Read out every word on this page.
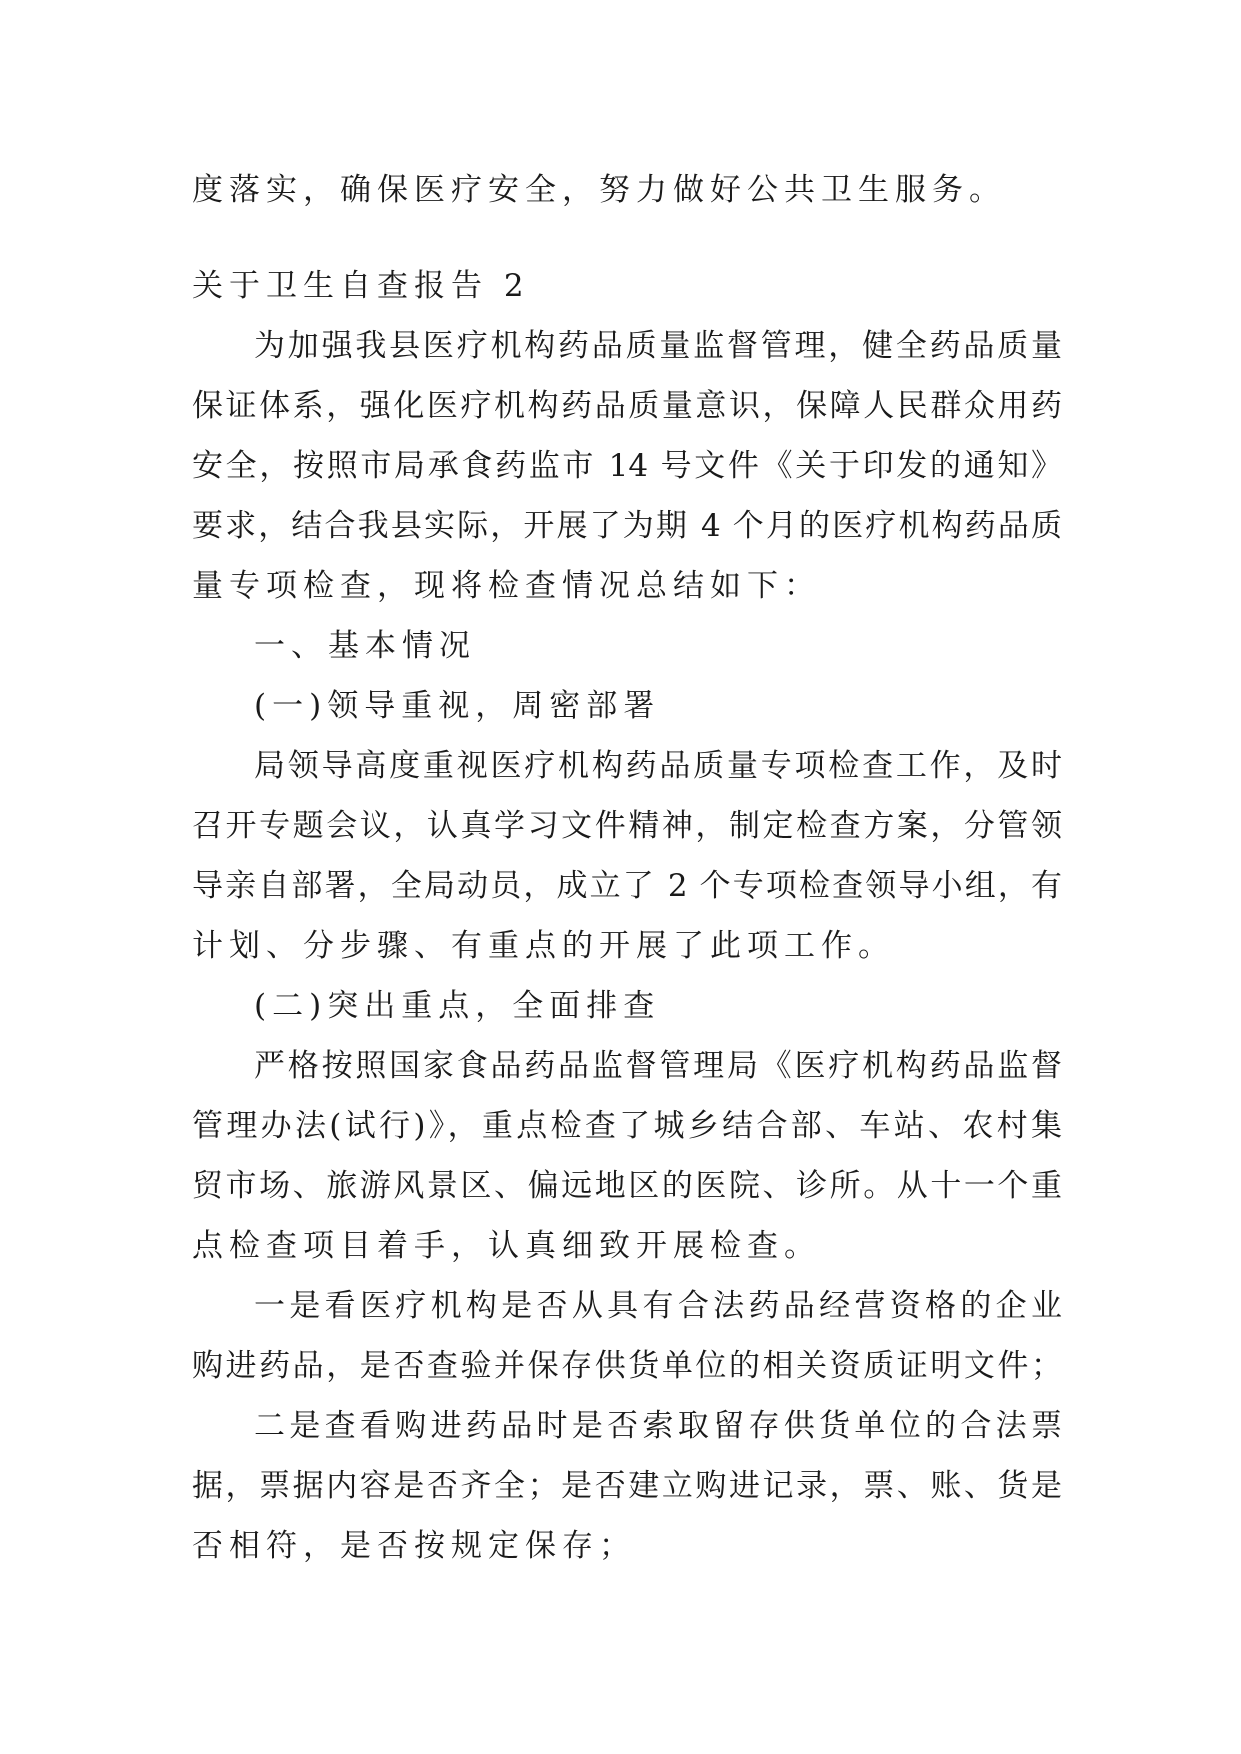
度落实，确保医疗安全，努力做好公共卫生服务。
关于卫生自查报告 2
为加强我县医疗机构药品质量监督管理，健全药品质量
保证体系，强化医疗机构药品质量意识，保障人民群众用药
安全，按照市局承食药监市 14 号文件《关于印发的通知》
要求，结合我县实际，开展了为期 4 个月的医疗机构药品质
量专项检查，现将检查情况总结如下：
一、基本情况
(一)领导重视，周密部署
局领导高度重视医疗机构药品质量专项检查工作，及时
召开专题会议，认真学习文件精神，制定检查方案，分管领
导亲自部署，全局动员，成立了 2 个专项检查领导小组，有
计划、分步骤、有重点的开展了此项工作。
(二)突出重点，全面排查
严格按照国家食品药品监督管理局《医疗机构药品监督
管理办法(试行)》，重点检查了城乡结合部、车站、农村集
贸市场、旅游风景区、偏远地区的医院、诊所。从十一个重
点检查项目着手，认真细致开展检查。
一是看医疗机构是否从具有合法药品经营资格的企业
购进药品，是否查验并保存供货单位的相关资质证明文件；
二是查看购进药品时是否索取留存供货单位的合法票
据，票据内容是否齐全；是否建立购进记录，票、账、货是
否相符，是否按规定保存；
